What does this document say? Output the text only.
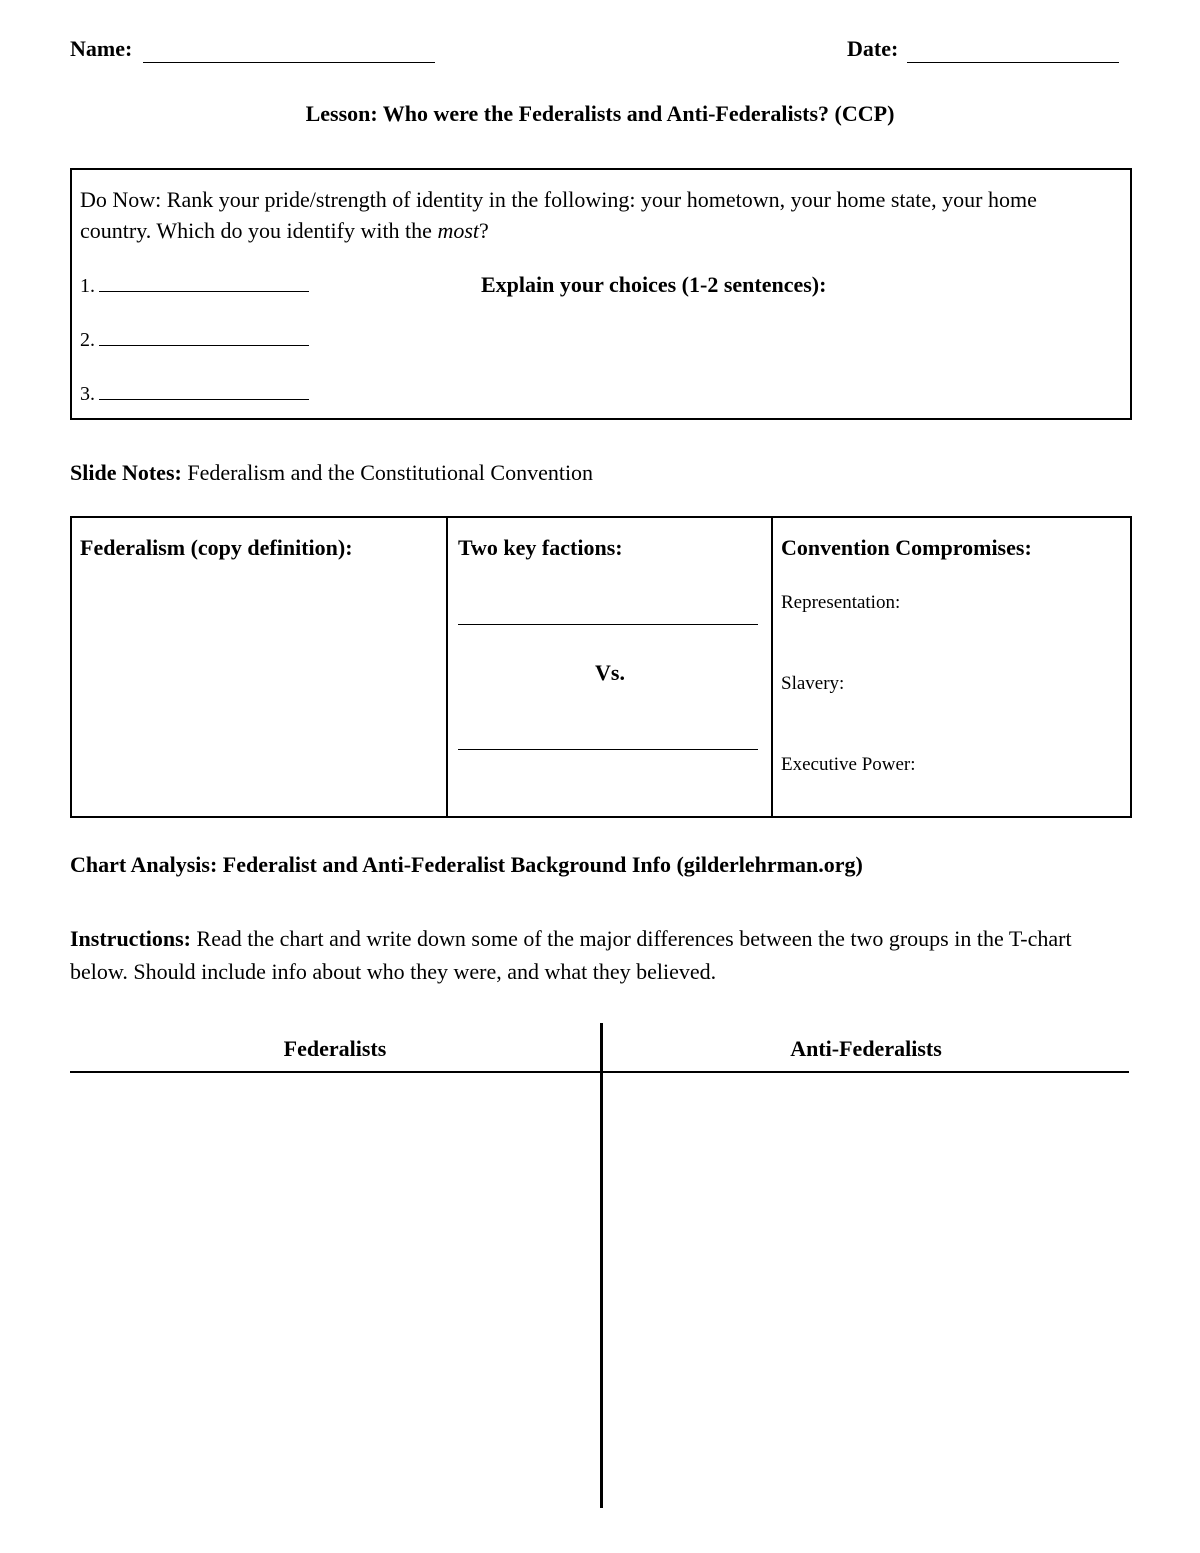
Name:	Date:
Lesson: Who were the Federalists and Anti-Federalists? (CCP)
Do Now: Rank your pride/strength of identity in the following: your hometown, your home state, your home country. Which do you identify with the most?
1.
2.
3.
Explain your choices (1-2 sentences):
Slide Notes: Federalism and the Constitutional Convention
Federalism (copy definition):	Two key factions:	Convention Compromises:
Vs.
Representation:
Slavery:
Executive Power:
Chart Analysis: Federalist and Anti-Federalist Background Info (gilderlehrman.org)
Instructions: Read the chart and write down some of the major differences between the two groups in the T-chart below. Should include info about who they were, and what they believed.
Federalists	Anti-Federalists
